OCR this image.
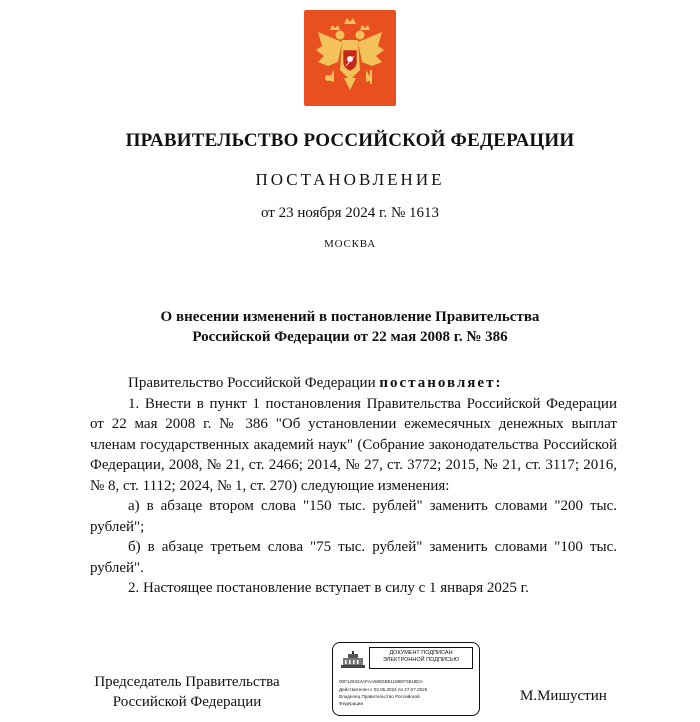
ПРАВИТЕЛЬСТВО РОССИЙСКОЙ ФЕДЕРАЦИИ
ПОСТАНОВЛЕНИЕ
от 23 ноября 2024 г. № 1613
МОСКВА
О внесении изменений в постановление Правительства
Российской Федерации от 22 мая 2008 г. № 386

Правительство Российской Федерации постановляет:

1. Внести в пункт 1 постановления Правительства Российской Федерации от 22 мая 2008 г. № 386 "Об установлении ежемесячных денежных выплат членам государственных академий наук" (Собрание законодательства Российской Федерации, 2008, № 21, ст. 2466; 2014, № 27, ст. 3772; 2015, № 21, ст. 3117; 2016, № 8, ст. 1112; 2024, № 1, ст. 270) следующие изменения:

а) в абзаце втором слова "150 тыс. рублей" заменить словами "200 тыс. рублей";

б) в абзаце третьем слова "75 тыс. рублей" заменить словами "100 тыс. рублей".

2. Настоящее постановление вступает в силу с 1 января 2025 г.

Председатель Правительства
Российской Федерации
ДОКУМЕНТ ПОДПИСАН
ЭЛЕКТРОННОЙ ПОДПИСЬЮ
00F129424AFAA56E5B51189EF5918DA
Действителен с 03.05.2024 по 27.07.2025
Владелец Правительство Российской
Федерации	М.Мишустин
